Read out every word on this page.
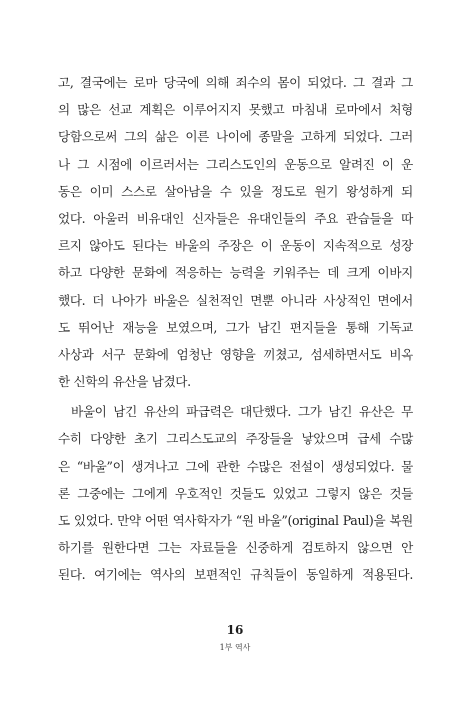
고, 결국에는 로마 당국에 의해 죄수의 몸이 되었다. 그 결과 그
의 많은 선교 계획은 이루어지지 못했고 마침내 로마에서 처형
당함으로써 그의 삶은 이른 나이에 종말을 고하게 되었다. 그러
나 그 시점에 이르러서는 그리스도인의 운동으로 알려진 이 운
동은 이미 스스로 살아남을 수 있을 정도로 원기 왕성하게 되
었다. 아울러 비유대인 신자들은 유대인들의 주요 관습들을 따
르지 않아도 된다는 바울의 주장은 이 운동이 지속적으로 성장
하고 다양한 문화에 적응하는 능력을 키워주는 데 크게 이바지
했다. 더 나아가 바울은 실천적인 면뿐 아니라 사상적인 면에서
도 뛰어난 재능을 보였으며, 그가 남긴 편지들을 통해 기독교
사상과 서구 문화에 엄청난 영향을 끼쳤고, 섬세하면서도 비옥
한 신학의 유산을 남겼다.
바울이 남긴 유산의 파급력은 대단했다. 그가 남긴 유산은 무
수히 다양한 초기 그리스도교의 주장들을 낳았으며 급세 수많
은 “바울”이 생겨나고 그에 관한 수많은 전설이 생성되었다. 물
론 그중에는 그에게 우호적인 것들도 있었고 그렇지 않은 것들
도 있었다. 만약 어떤 역사학자가 “원 바울”(original Paul)을 복원
하기를 원한다면 그는 자료들을 신중하게 검토하지 않으면 안
된다. 여기에는 역사의 보편적인 규칙들이 동일하게 적용된다.
16
1부 역사
